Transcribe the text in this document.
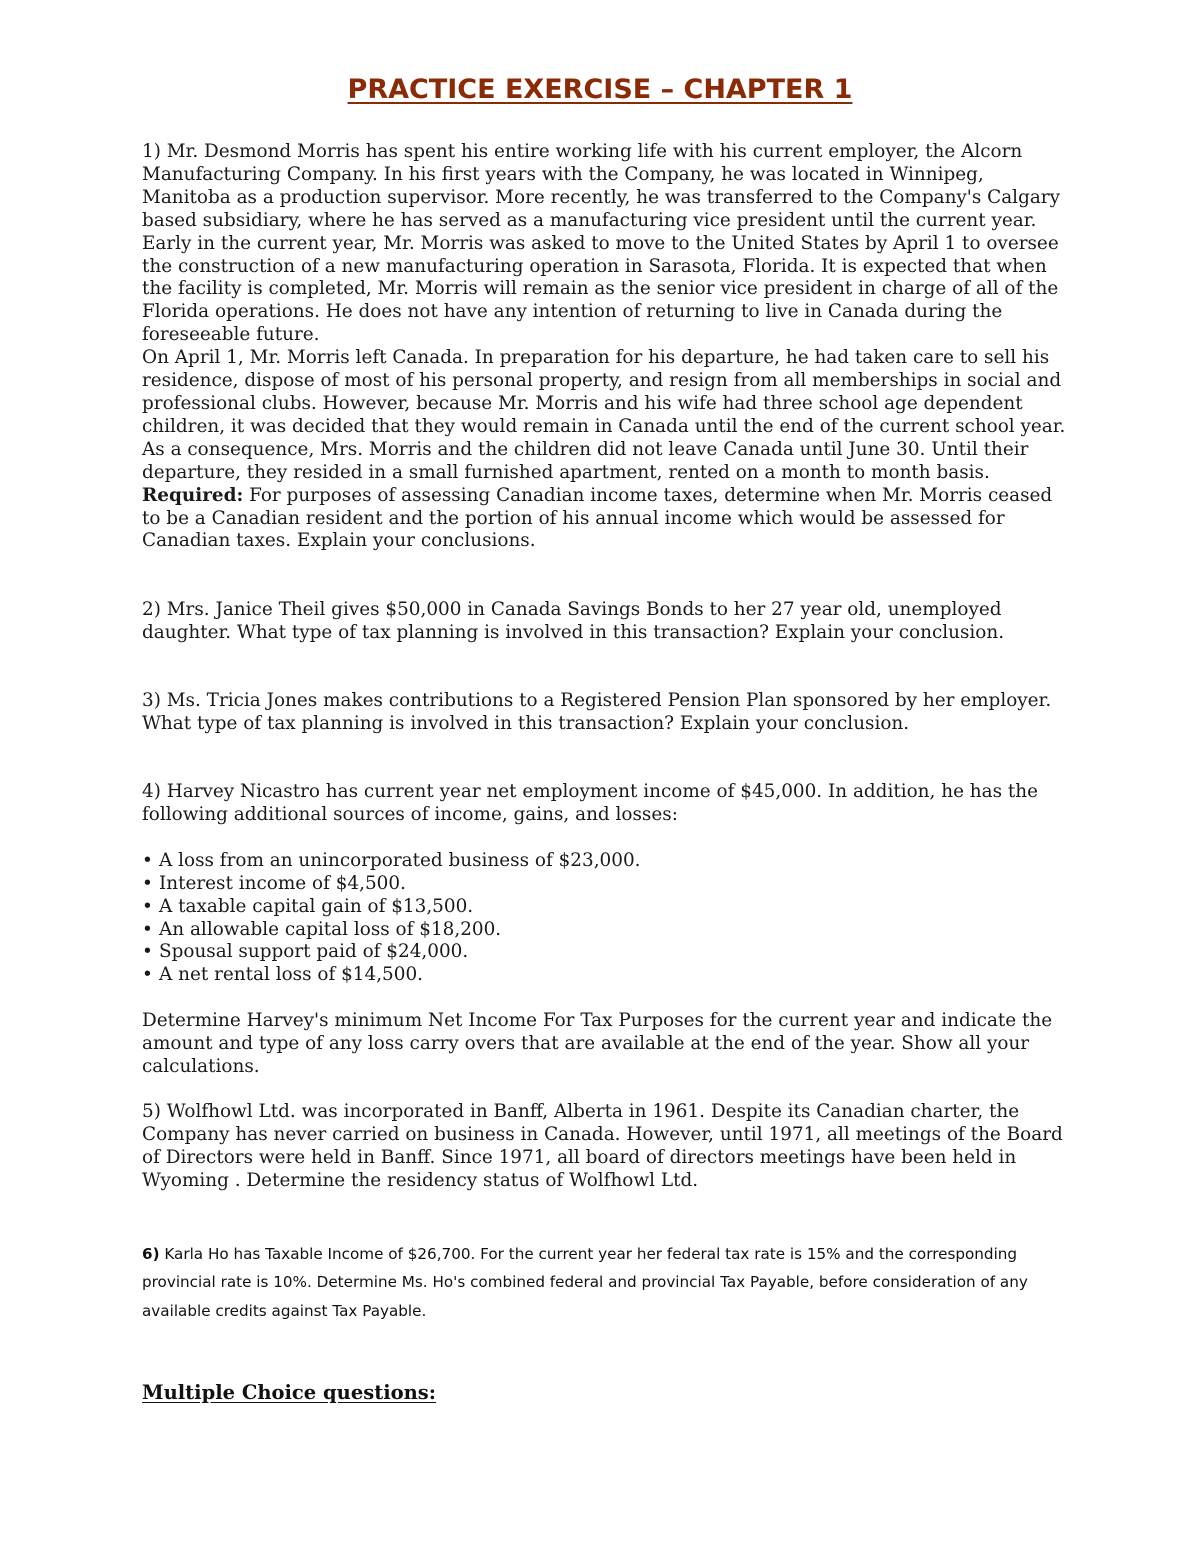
PRACTICE EXERCISE – CHAPTER 1

1) Mr. Desmond Morris has spent his entire working life with his current employer, the Alcorn Manufacturing Company. In his first years with the Company, he was located in Winnipeg, Manitoba as a production supervisor. More recently, he was transferred to the Company's Calgary based subsidiary, where he has served as a manufacturing vice president until the current year. Early in the current year, Mr. Morris was asked to move to the United States by April 1 to oversee the construction of a new manufacturing operation in Sarasota, Florida. It is expected that when the facility is completed, Mr. Morris will remain as the senior vice president in charge of all of the Florida operations. He does not have any intention of returning to live in Canada during the foreseeable future.

On April 1, Mr. Morris left Canada. In preparation for his departure, he had taken care to sell his residence, dispose of most of his personal property, and resign from all memberships in social and professional clubs. However, because Mr. Morris and his wife had three school age dependent children, it was decided that they would remain in Canada until the end of the current school year. As a consequence, Mrs. Morris and the children did not leave Canada until June 30. Until their departure, they resided in a small furnished apartment, rented on a month to month basis.

Required: For purposes of assessing Canadian income taxes, determine when Mr. Morris ceased to be a Canadian resident and the portion of his annual income which would be assessed for Canadian taxes. Explain your conclusions.

2) Mrs. Janice Theil gives $50,000 in Canada Savings Bonds to her 27 year old, unemployed daughter. What type of tax planning is involved in this transaction? Explain your conclusion.

3) Ms. Tricia Jones makes contributions to a Registered Pension Plan sponsored by her employer. What type of tax planning is involved in this transaction? Explain your conclusion.

4) Harvey Nicastro has current year net employment income of $45,000. In addition, he has the following additional sources of income, gains, and losses:

• A loss from an unincorporated business of $23,000.
• Interest income of $4,500.
• A taxable capital gain of $13,500.
• An allowable capital loss of $18,200.
• Spousal support paid of $24,000.
• A net rental loss of $14,500.

Determine Harvey's minimum Net Income For Tax Purposes for the current year and indicate the amount and type of any loss carry overs that are available at the end of the year. Show all your calculations.

5) Wolfhowl Ltd. was incorporated in Banff, Alberta in 1961. Despite its Canadian charter, the Company has never carried on business in Canada. However, until 1971, all meetings of the Board of Directors were held in Banff. Since 1971, all board of directors meetings have been held in Wyoming . Determine the residency status of Wolfhowl Ltd.

6) Karla Ho has Taxable Income of $26,700. For the current year her federal tax rate is 15% and the corresponding provincial rate is 10%. Determine Ms. Ho's combined federal and provincial Tax Payable, before consideration of any available credits against Tax Payable.

Multiple Choice questions:
